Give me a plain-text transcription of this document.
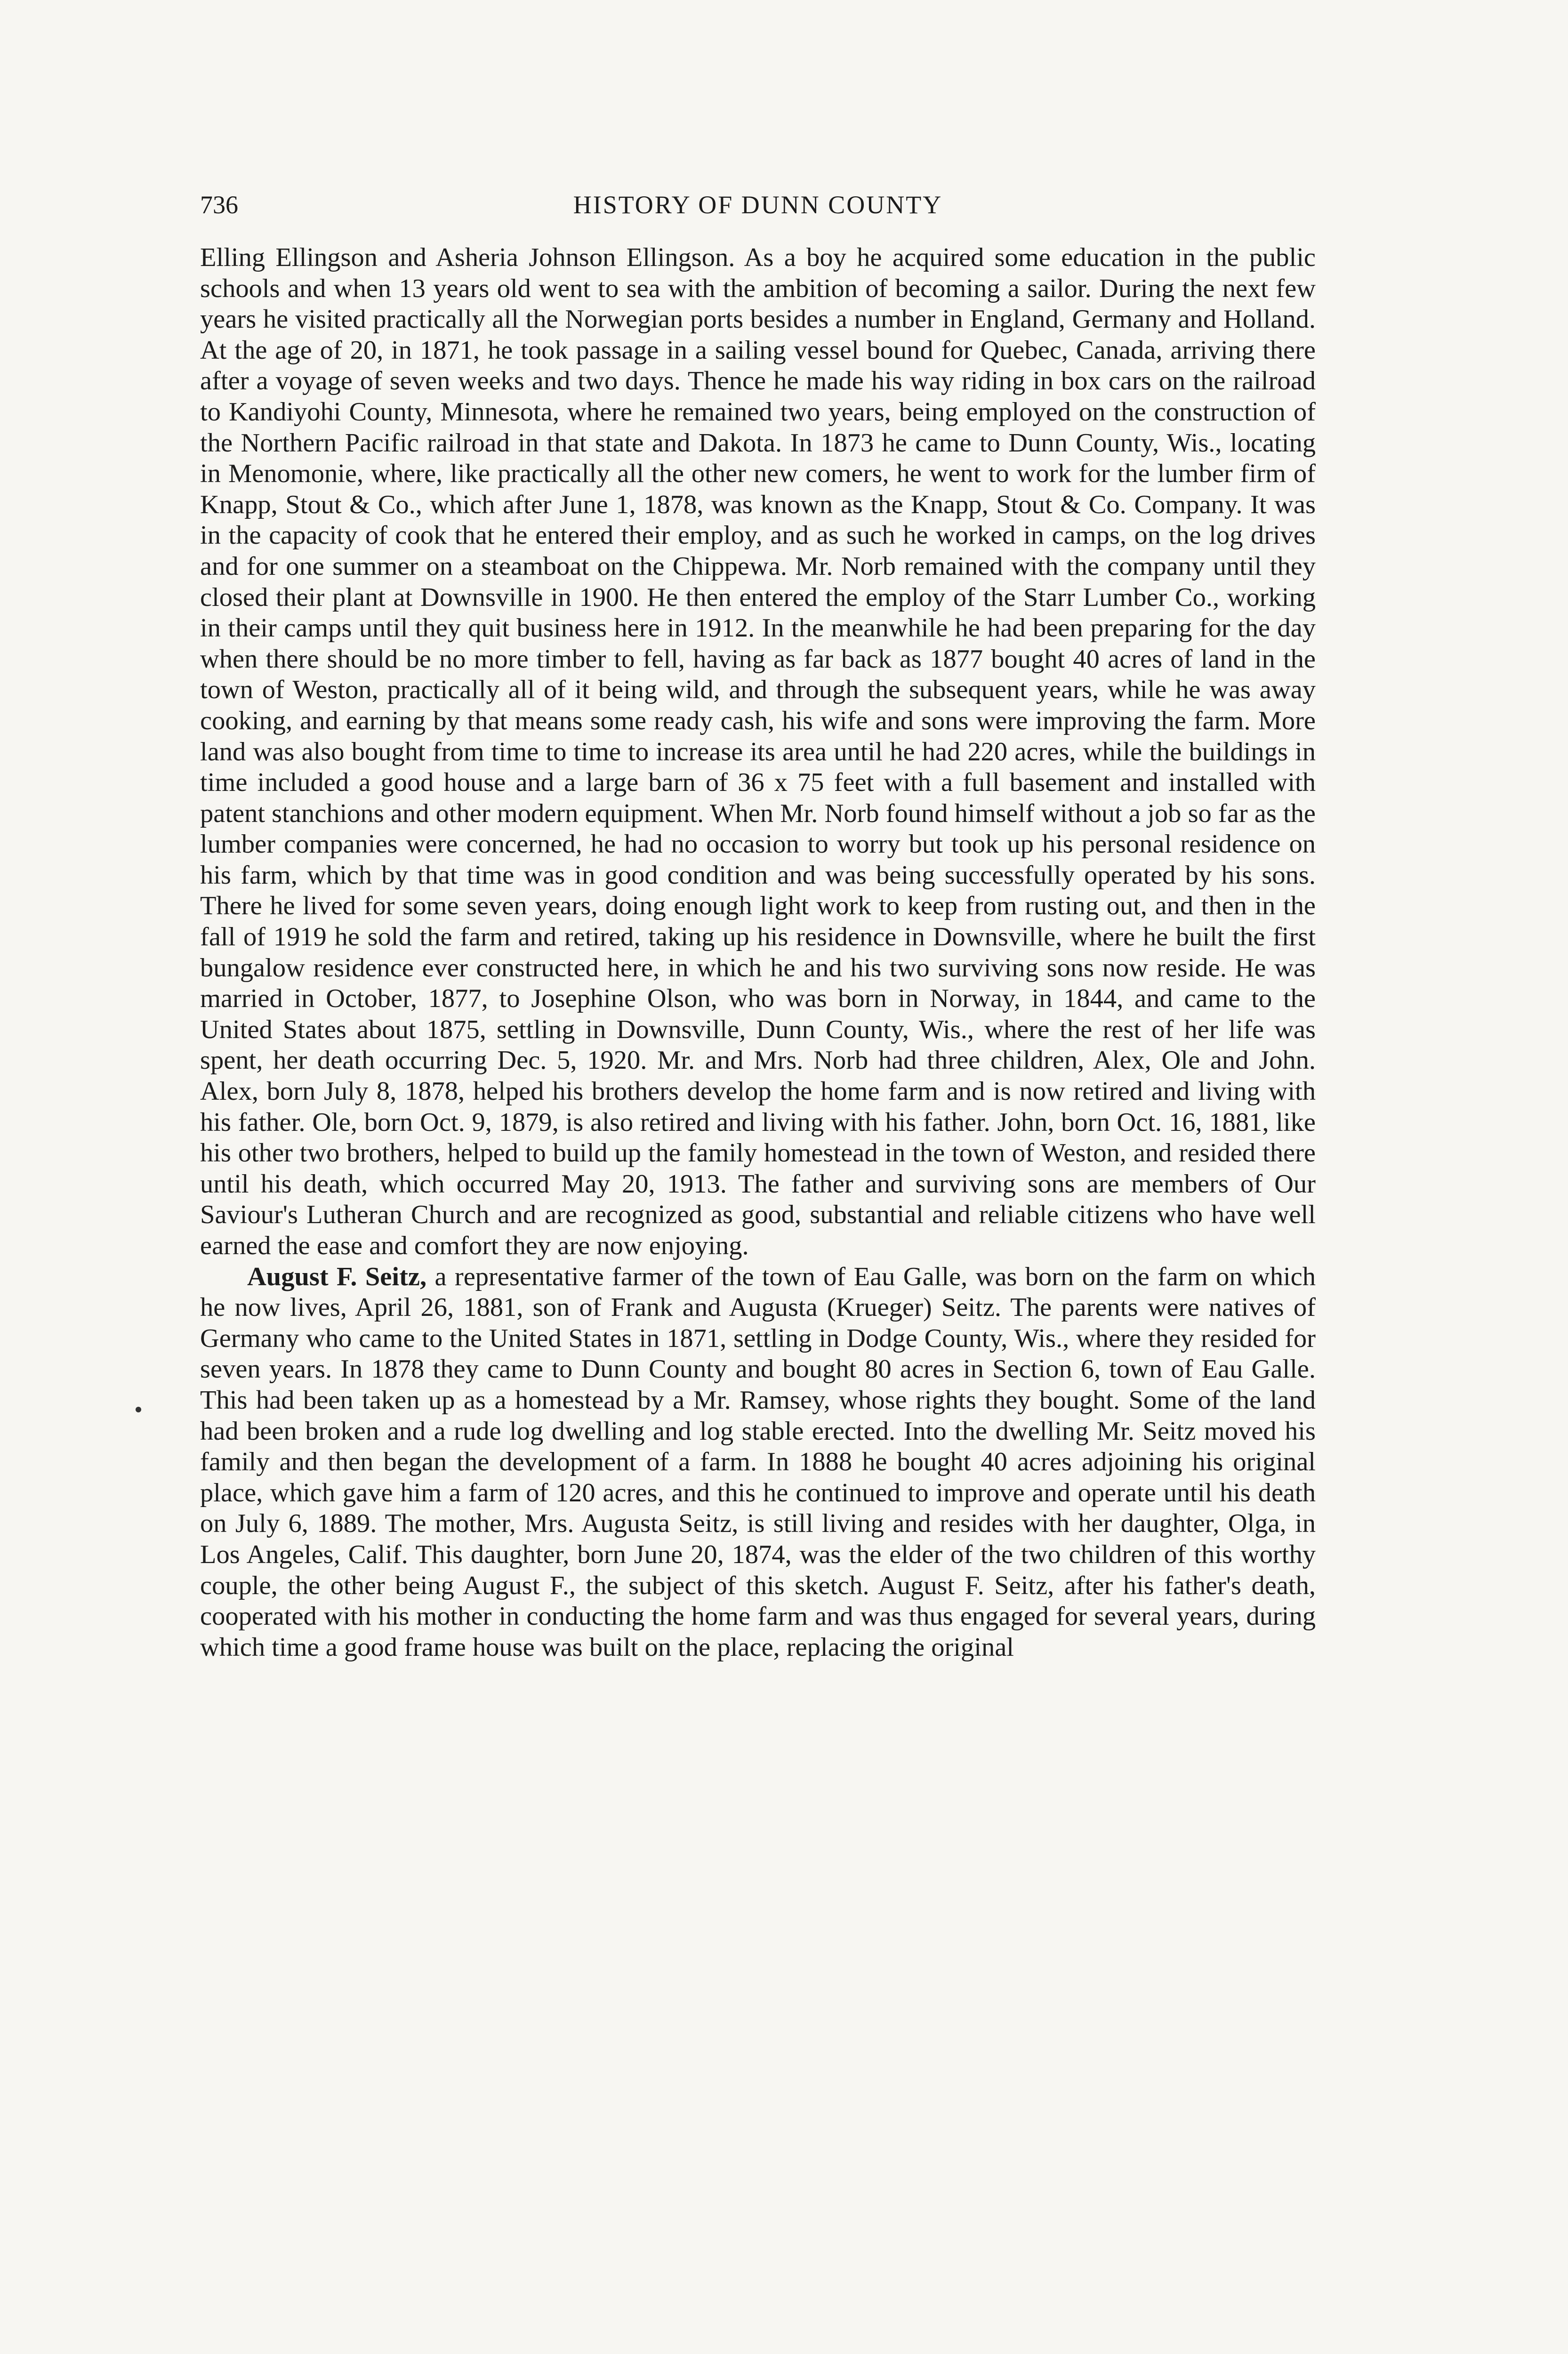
736	HISTORY OF DUNN COUNTY

Elling Ellingson and Asheria Johnson Ellingson. As a boy he acquired some education in the public schools and when 13 years old went to sea with the ambition of becoming a sailor. During the next few years he visited practically all the Norwegian ports besides a number in England, Germany and Holland. At the age of 20, in 1871, he took passage in a sailing vessel bound for Quebec, Canada, arriving there after a voyage of seven weeks and two days. Thence he made his way riding in box cars on the railroad to Kandiyohi County, Minnesota, where he remained two years, being employed on the construction of the Northern Pacific railroad in that state and Dakota. In 1873 he came to Dunn County, Wis., locating in Menomonie, where, like practically all the other new comers, he went to work for the lumber firm of Knapp, Stout & Co., which after June 1, 1878, was known as the Knapp, Stout & Co. Company. It was in the capacity of cook that he entered their employ, and as such he worked in camps, on the log drives and for one summer on a steamboat on the Chippewa. Mr. Norb remained with the company until they closed their plant at Downsville in 1900. He then entered the employ of the Starr Lumber Co., working in their camps until they quit business here in 1912. In the meanwhile he had been preparing for the day when there should be no more timber to fell, having as far back as 1877 bought 40 acres of land in the town of Weston, practically all of it being wild, and through the subsequent years, while he was away cooking, and earning by that means some ready cash, his wife and sons were improving the farm. More land was also bought from time to time to increase its area until he had 220 acres, while the buildings in time included a good house and a large barn of 36 x 75 feet with a full basement and installed with patent stanchions and other modern equipment. When Mr. Norb found himself without a job so far as the lumber companies were concerned, he had no occasion to worry but took up his personal residence on his farm, which by that time was in good condition and was being successfully operated by his sons. There he lived for some seven years, doing enough light work to keep from rusting out, and then in the fall of 1919 he sold the farm and retired, taking up his residence in Downsville, where he built the first bungalow residence ever constructed here, in which he and his two surviving sons now reside. He was married in October, 1877, to Josephine Olson, who was born in Norway, in 1844, and came to the United States about 1875, settling in Downsville, Dunn County, Wis., where the rest of her life was spent, her death occurring Dec. 5, 1920. Mr. and Mrs. Norb had three children, Alex, Ole and John. Alex, born July 8, 1878, helped his brothers develop the home farm and is now retired and living with his father. Ole, born Oct. 9, 1879, is also retired and living with his father. John, born Oct. 16, 1881, like his other two brothers, helped to build up the family homestead in the town of Weston, and resided there until his death, which occurred May 20, 1913. The father and surviving sons are members of Our Saviour's Lutheran Church and are recognized as good, substantial and reliable citizens who have well earned the ease and comfort they are now enjoying.

August F. Seitz, a representative farmer of the town of Eau Galle, was born on the farm on which he now lives, April 26, 1881, son of Frank and Augusta (Krueger) Seitz. The parents were natives of Germany who came to the United States in 1871, settling in Dodge County, Wis., where they resided for seven years. In 1878 they came to Dunn County and bought 80 acres in Section 6, town of Eau Galle. This had been taken up as a homestead by a Mr. Ramsey, whose rights they bought. Some of the land had been broken and a rude log dwelling and log stable erected. Into the dwelling Mr. Seitz moved his family and then began the development of a farm. In 1888 he bought 40 acres adjoining his original place, which gave him a farm of 120 acres, and this he continued to improve and operate until his death on July 6, 1889. The mother, Mrs. Augusta Seitz, is still living and resides with her daughter, Olga, in Los Angeles, Calif. This daughter, born June 20, 1874, was the elder of the two children of this worthy couple, the other being August F., the subject of this sketch. August F. Seitz, after his father's death, cooperated with his mother in conducting the home farm and was thus engaged for several years, during which time a good frame house was built on the place, replacing the original
